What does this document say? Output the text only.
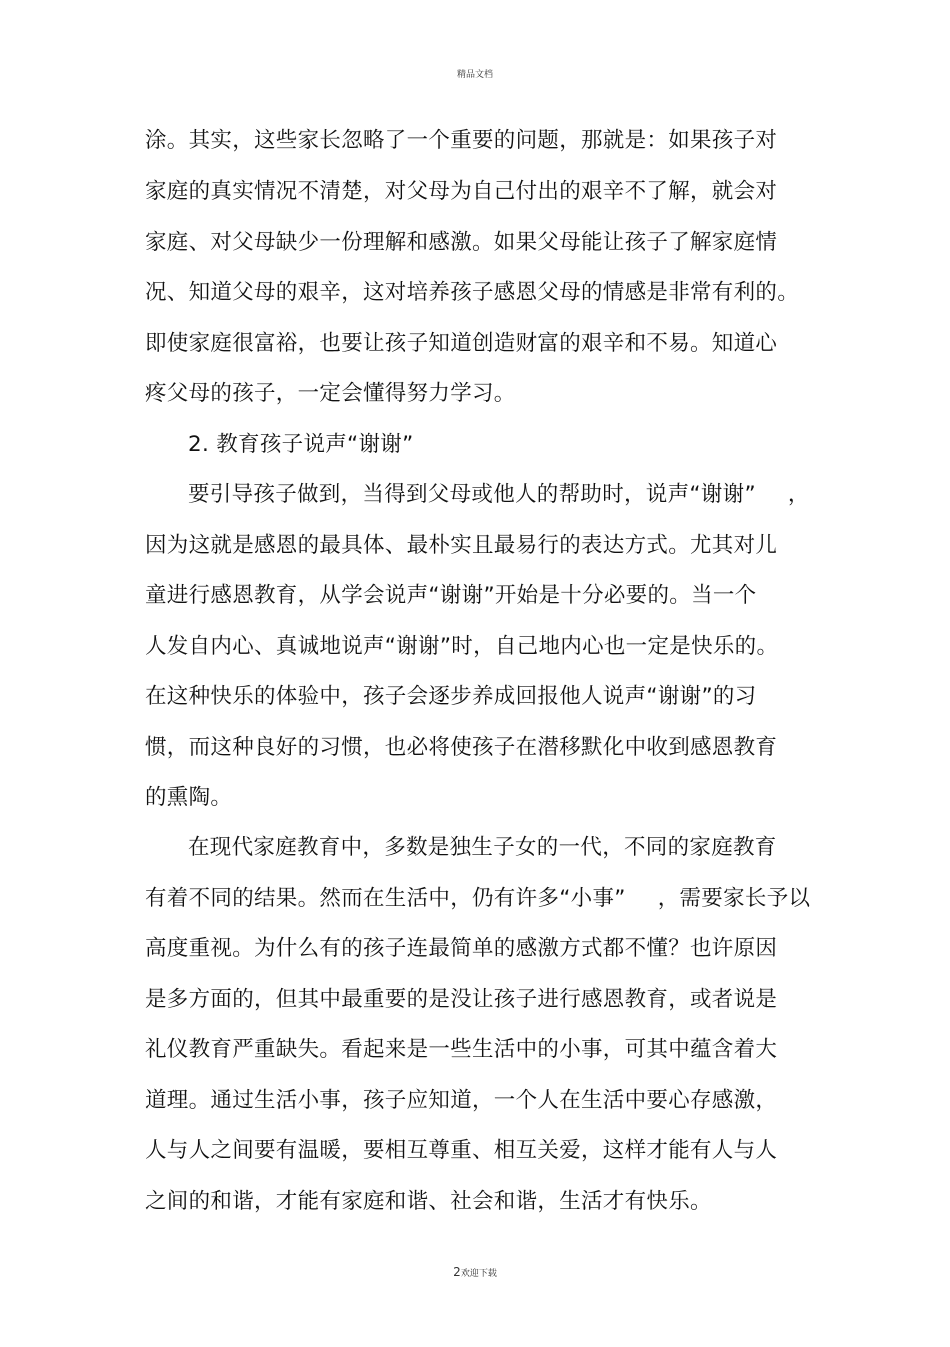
精品文档
涂。其实，这些家长忽略了一个重要的问题，那就是：如果孩子对
家庭的真实情况不清楚，对父母为自己付出的艰辛不了解，就会对
家庭、对父母缺少一份理解和感激。如果父母能让孩子了解家庭情
况、知道父母的艰辛，这对培养孩子感恩父母的情感是非常有利的。
即使家庭很富裕，也要让孩子知道创造财富的艰辛和不易。知道心
疼父母的孩子，一定会懂得努力学习。
2. 教育孩子说声“谢谢”
要引导孩子做到，当得到父母或他人的帮助时，说声“谢谢” ，
因为这就是感恩的最具体、最朴实且最易行的表达方式。尤其对儿
童进行感恩教育，从学会说声“谢谢”开始是十分必要的。当一个
人发自内心、真诚地说声“谢谢”时，自己地内心也一定是快乐的。
在这种快乐的体验中，孩子会逐步养成回报他人说声“谢谢”的习
惯，而这种良好的习惯，也必将使孩子在潜移默化中收到感恩教育
的熏陶。
在现代家庭教育中，多数是独生子女的一代，不同的家庭教育
有着不同的结果。然而在生活中，仍有许多“小事” ，需要家长予以
高度重视。为什么有的孩子连最简单的感激方式都不懂？也许原因
是多方面的，但其中最重要的是没让孩子进行感恩教育，或者说是
礼仪教育严重缺失。看起来是一些生活中的小事，可其中蕴含着大
道理。通过生活小事，孩子应知道，一个人在生活中要心存感激，
人与人之间要有温暖，要相互尊重、相互关爱，这样才能有人与人
之间的和谐，才能有家庭和谐、社会和谐，生活才有快乐。
2欢迎下载
